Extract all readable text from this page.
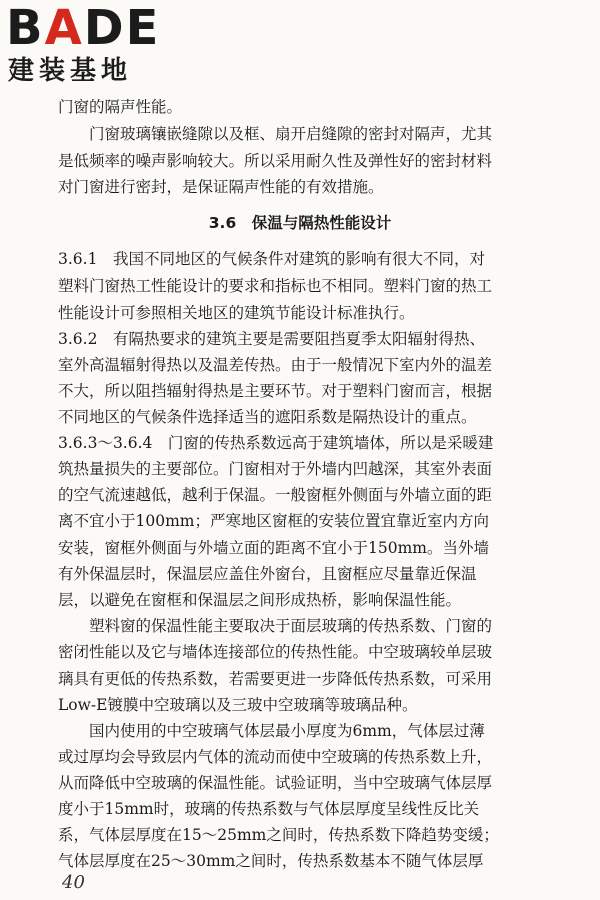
BADE
建装基地
门窗的隔声性能。
　　门窗玻璃镶嵌缝隙以及框、扇开启缝隙的密封对隔声，尤其
是低频率的噪声影响较大。所以采用耐久性及弹性好的密封材料
对门窗进行密封，是保证隔声性能的有效措施。
3.6　保温与隔热性能设计
3.6.1　我国不同地区的气候条件对建筑的影响有很大不同，对
塑料门窗热工性能设计的要求和指标也不相同。塑料门窗的热工
性能设计可参照相关地区的建筑节能设计标准执行。
3.6.2　有隔热要求的建筑主要是需要阻挡夏季太阳辐射得热、
室外高温辐射得热以及温差传热。由于一般情况下室内外的温差
不大，所以阻挡辐射得热是主要环节。对于塑料门窗而言，根据
不同地区的气候条件选择适当的遮阳系数是隔热设计的重点。
3.6.3～3.6.4　门窗的传热系数远高于建筑墙体，所以是采暖建
筑热量损失的主要部位。门窗相对于外墙内凹越深，其室外表面
的空气流速越低，越利于保温。一般窗框外侧面与外墙立面的距
离不宜小于100mm；严寒地区窗框的安装位置宜靠近室内方向
安装，窗框外侧面与外墙立面的距离不宜小于150mm。当外墙
有外保温层时，保温层应盖住外窗台，且窗框应尽量靠近保温
层，以避免在窗框和保温层之间形成热桥，影响保温性能。
　　塑料窗的保温性能主要取决于面层玻璃的传热系数、门窗的
密闭性能以及它与墙体连接部位的传热性能。中空玻璃较单层玻
璃具有更低的传热系数，若需要更进一步降低传热系数，可采用
Low-E镀膜中空玻璃以及三玻中空玻璃等玻璃品种。
　　国内使用的中空玻璃气体层最小厚度为6mm，气体层过薄
或过厚均会导致层内气体的流动而使中空玻璃的传热系数上升，
从而降低中空玻璃的保温性能。试验证明，当中空玻璃气体层厚
度小于15mm时，玻璃的传热系数与气体层厚度呈线性反比关
系，气体层厚度在15～25mm之间时，传热系数下降趋势变缓；
气体层厚度在25～30mm之间时，传热系数基本不随气体层厚
40
